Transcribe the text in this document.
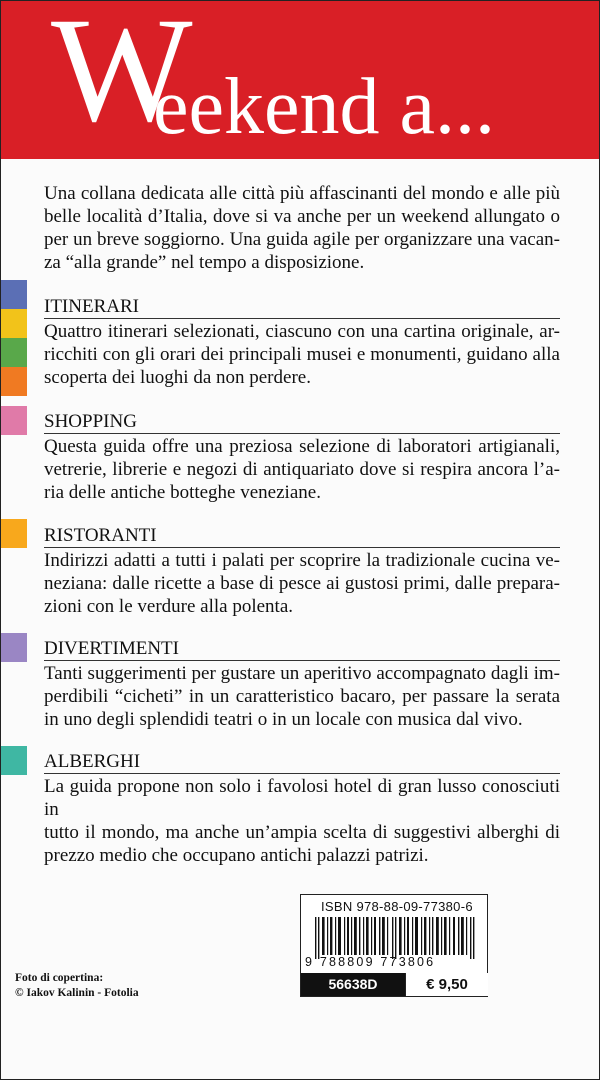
W
eekend a...
Una collana dedicata alle città più affascinanti del mondo e alle più
belle località d’Italia, dove si va anche per un weekend allungato o
per un breve soggiorno. Una guida agile per organizzare una vacan-
za “alla grande” nel tempo a disposizione.
ITINERARI
Quattro itinerari selezionati, ciascuno con una cartina originale, ar-
ricchiti con gli orari dei principali musei e monumenti, guidano alla
scoperta dei luoghi da non perdere.
SHOPPING
Questa guida offre una preziosa selezione di laboratori artigianali,
vetrerie, librerie e negozi di antiquariato dove si respira ancora l’a-
ria delle antiche botteghe veneziane.
RISTORANTI
Indirizzi adatti a tutti i palati per scoprire la tradizionale cucina ve-
neziana: dalle ricette a base di pesce ai gustosi primi, dalle prepara-
zioni con le verdure alla polenta.
DIVERTIMENTI
Tanti suggerimenti per gustare un aperitivo accompagnato dagli im-
perdibili “cicheti” in un caratteristico bacaro, per passare la serata
in uno degli splendidi teatri o in un locale con musica dal vivo.
ALBERGHI
La guida propone non solo i favolosi hotel di gran lusso conosciuti in
tutto il mondo, ma anche un’ampia scelta di suggestivi alberghi di
prezzo medio che occupano antichi palazzi patrizi.
Foto di copertina:
© Iakov Kalinin - Fotolia
ISBN 978-88-09-77380-6
9 788809 773806
56638D	€ 9,50
